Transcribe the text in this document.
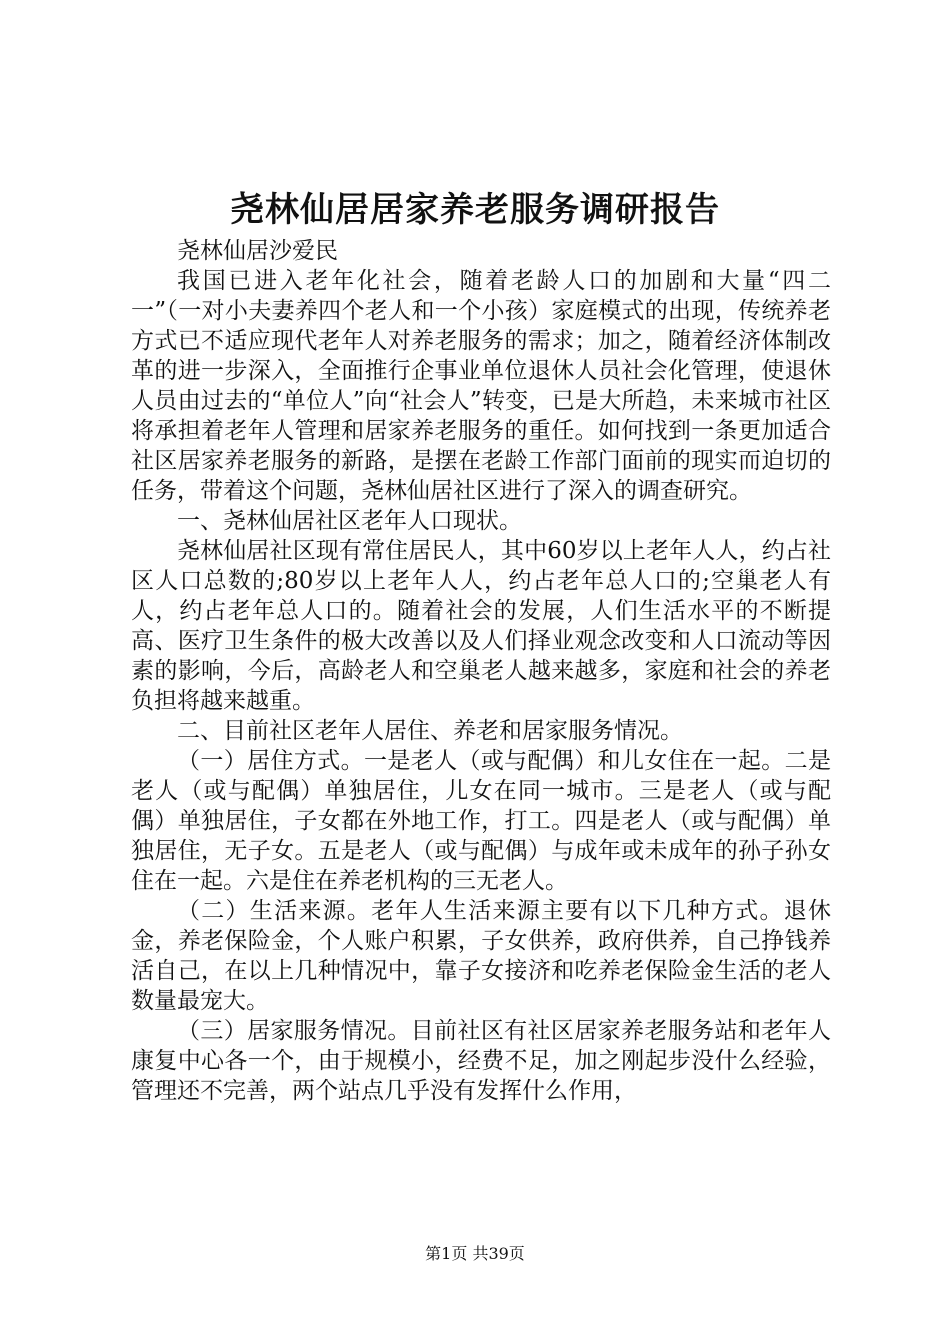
尧林仙居居家养老服务调研报告

尧林仙居沙爱民

我国已进入老年化社会，随着老龄人口的加剧和大量“四二一”（一对小夫妻养四个老人和一个小孩）家庭模式的出现，传统养老方式已不适应现代老年人对养老服务的需求；加之，随着经济体制改革的进一步深入，全面推行企事业单位退休人员社会化管理，使退休人员由过去的“单位人”向“社会人”转变，已是大所趋，未来城市社区将承担着老年人管理和居家养老服务的重任。如何找到一条更加适合社区居家养老服务的新路，是摆在老龄工作部门面前的现实而迫切的任务，带着这个问题，尧林仙居社区进行了深入的调查研究。

一、尧林仙居社区老年人口现状。

尧林仙居社区现有常住居民人，其中60岁以上老年人人，约占社区人口总数的;80岁以上老年人人，约占老年总人口的;空巢老人有人，约占老年总人口的。随着社会的发展，人们生活水平的不断提高、医疗卫生条件的极大改善以及人们择业观念改变和人口流动等因素的影响，今后，高龄老人和空巢老人越来越多，家庭和社会的养老负担将越来越重。

二、目前社区老年人居住、养老和居家服务情况。

（一）居住方式。一是老人（或与配偶）和儿女住在一起。二是老人（或与配偶）单独居住，儿女在同一城市。三是老人（或与配偶）单独居住，子女都在外地工作，打工。四是老人（或与配偶）单独居住，无子女。五是老人（或与配偶）与成年或未成年的孙子孙女住在一起。六是住在养老机构的三无老人。

（二）生活来源。老年人生活来源主要有以下几种方式。退休金，养老保险金，个人账户积累，子女供养，政府供养，自己挣钱养活自己，在以上几种情况中，靠子女接济和吃养老保险金生活的老人数量最宠大。

（三）居家服务情况。目前社区有社区居家养老服务站和老年人康复中心各一个，由于规模小，经费不足，加之刚起步没什么经验，管理还不完善，两个站点几乎没有发挥什么作用，

第1页 共39页
